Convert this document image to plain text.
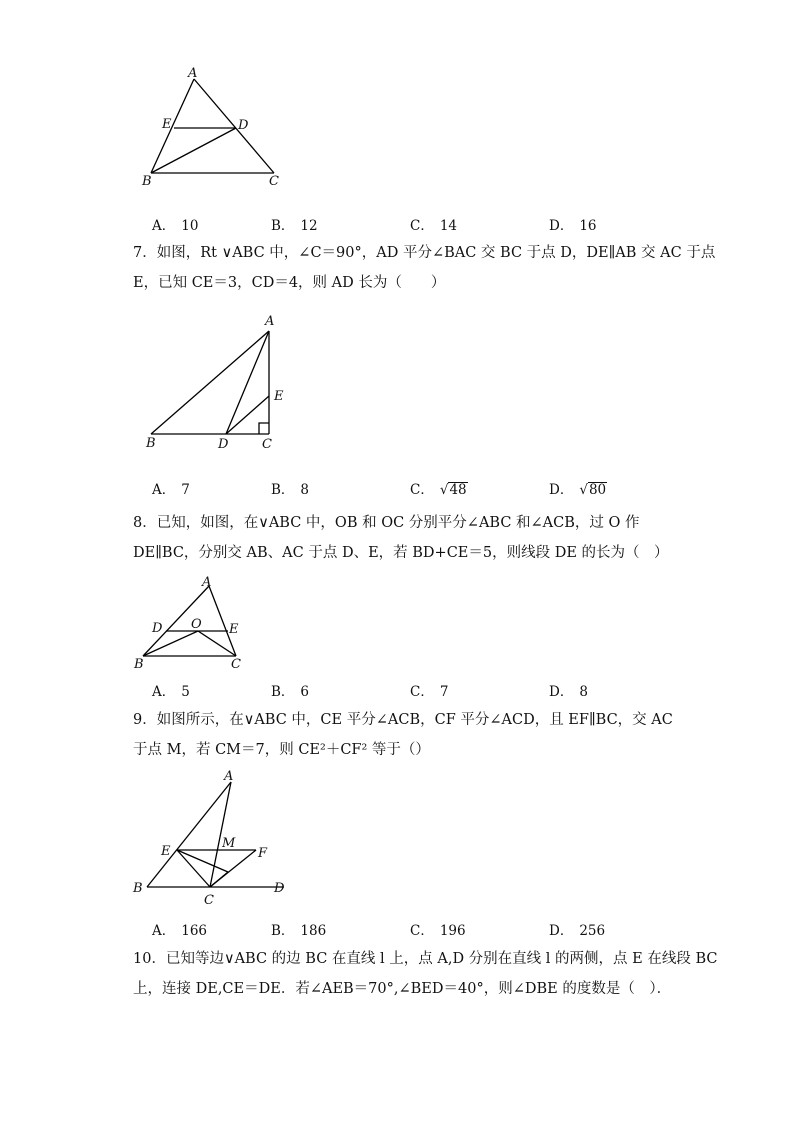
A
E	D
B	C
A． 10	B． 12	C． 14	D． 16
7．如图，Rt ∨ABC 中，∠C＝90°，AD 平分∠BAC 交 BC 于点 D，DE∥AB 交 AC 于点
E，已知 CE＝3，CD＝4，则 AD 长为（　　）
A
E
B	D	C
A． 7	B． 8	C． √48	D． √80
8．已知，如图，在∨ABC 中，OB 和 OC 分别平分∠ABC 和∠ACB，过 O 作
DE∥BC，分别交 AB、AC 于点 D、E，若 BD+CE＝5，则线段 DE 的长为（　）
A
D O E
B	C
A． 5	B． 6	C． 7	D． 8
9．如图所示，在∨ABC 中，CE 平分∠ACB，CF 平分∠ACD，且 EF∥BC，交 AC
于点 M，若 CM＝7，则 CE²＋CF² 等于（）
A
E
M
F
B
C
D
A． 166	B． 186	C． 196	D． 256
10．已知等边∨ABC 的边 BC 在直线 l 上，点 A,D 分别在直线 l 的两侧，点 E 在线段 BC
上，连接 DE,CE＝DE．若∠AEB＝70°,∠BED＝40°，则∠DBE 的度数是（　）．
